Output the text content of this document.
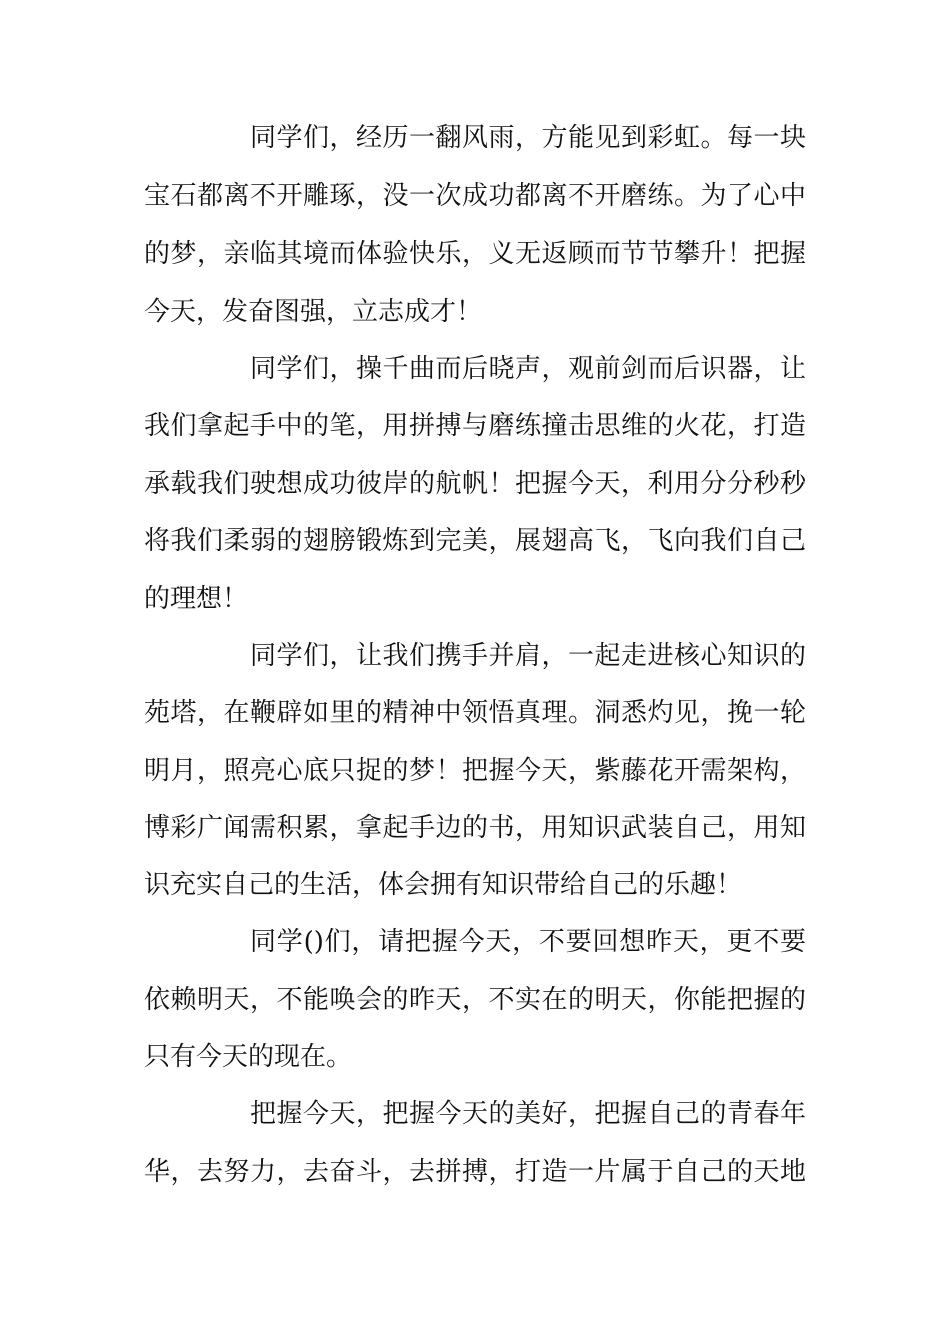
同学们，经历一翻风雨，方能见到彩虹。每一块
宝石都离不开雕琢，没一次成功都离不开磨练。为了心中
的梦，亲临其境而体验快乐，义无返顾而节节攀升！把握
今天，发奋图强，立志成才！
同学们，操千曲而后晓声，观前剑而后识器，让
我们拿起手中的笔，用拼搏与磨练撞击思维的火花，打造
承载我们驶想成功彼岸的航帆！把握今天，利用分分秒秒
将我们柔弱的翅膀锻炼到完美，展翅高飞，飞向我们自己
的理想！
同学们，让我们携手并肩，一起走进核心知识的
苑塔，在鞭辟如里的精神中领悟真理。洞悉灼见，挽一轮
明月，照亮心底只捉的梦！把握今天，紫藤花开需架构，
博彩广闻需积累，拿起手边的书，用知识武装自己，用知
识充实自己的生活，体会拥有知识带给自己的乐趣！
同学()们，请把握今天，不要回想昨天，更不要
依赖明天，不能唤会的昨天，不实在的明天，你能把握的
只有今天的现在。
把握今天，把握今天的美好，把握自己的青春年
华，去努力，去奋斗，去拼搏，打造一片属于自己的天地
